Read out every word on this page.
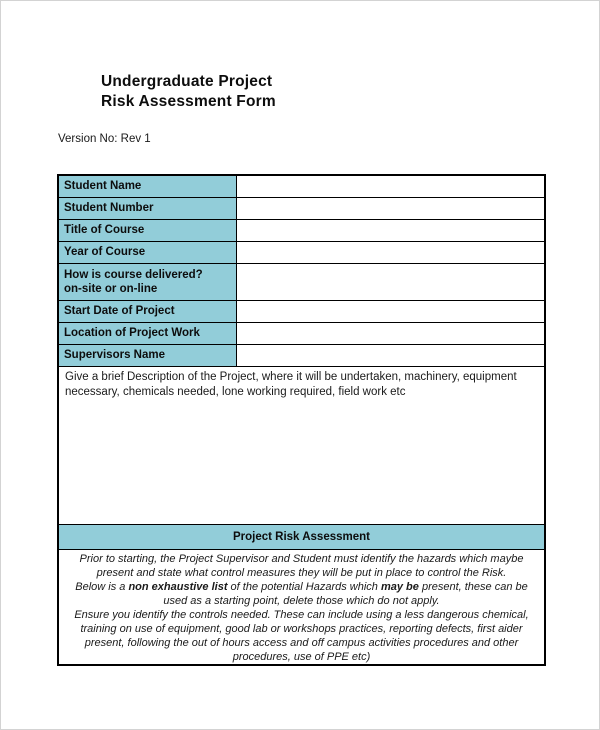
Undergraduate Project
Risk Assessment Form
Version No: Rev 1
Student Name
Student Number
Title of Course
Year of Course
How is course delivered?
on-site or on-line
Start Date of Project
Location of Project Work
Supervisors Name
Give a brief Description of the Project, where it will be undertaken, machinery, equipment necessary, chemicals needed, lone working required, field work etc
Project Risk Assessment
Prior to starting, the Project Supervisor and Student must identify the hazards which maybe present and state what control measures they will be put in place to control the Risk.
Below is a non exhaustive list of the potential Hazards which may be present, these can be used as a starting point, delete those which do not apply.
Ensure you identify the controls needed. These can include using a less dangerous chemical, training on use of equipment, good lab or workshops practices, reporting defects, first aider present, following the out of hours access and off campus activities procedures and other procedures, use of PPE etc)
